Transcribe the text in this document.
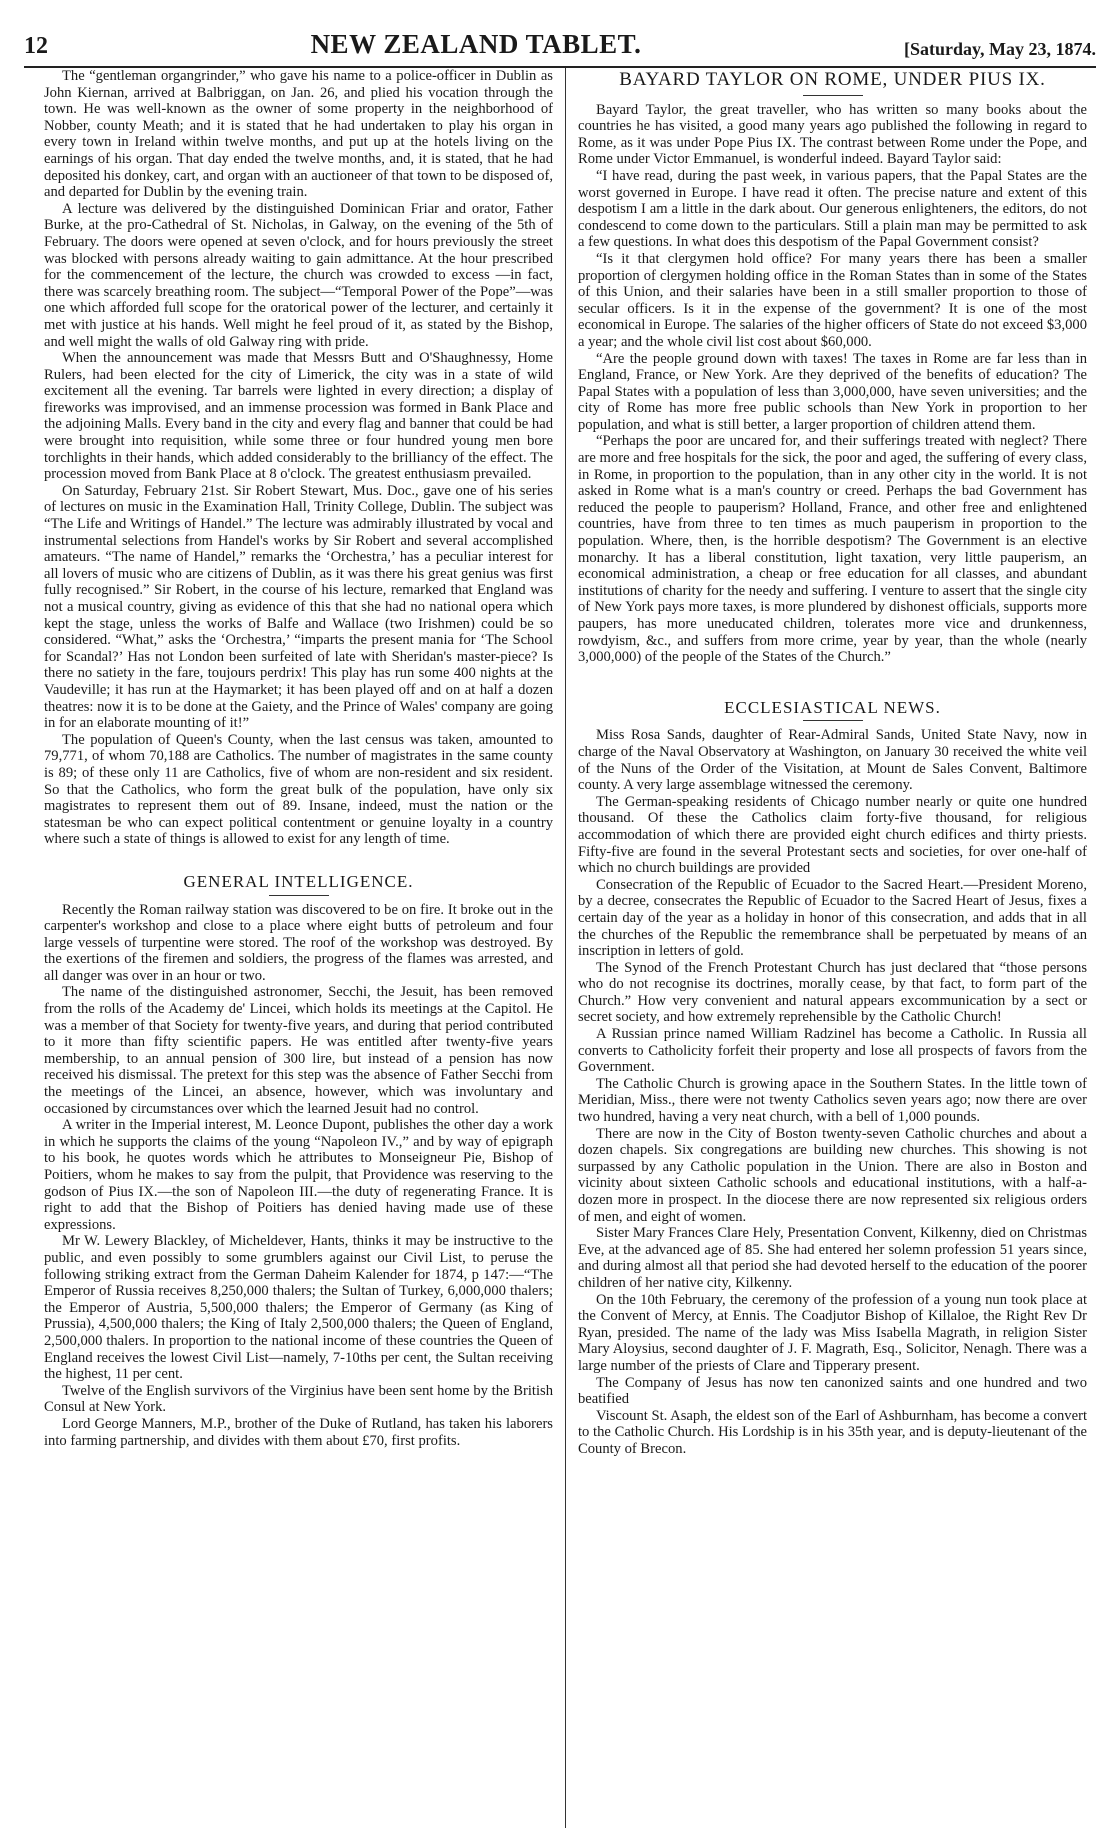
12	NEW ZEALAND TABLET.	[Saturday, May 23, 1874.

The “gentleman organgrinder,” who gave his name to a police-officer in Dublin as John Kiernan, arrived at Balbriggan, on Jan. 26, and plied his vocation through the town. He was well-known as the owner of some property in the neighborhood of Nobber, county Meath; and it is stated that he had undertaken to play his organ in every town in Ireland within twelve months, and put up at the hotels living on the earnings of his organ. That day ended the twelve months, and, it is stated, that he had deposited his donkey, cart, and organ with an auctioneer of that town to be disposed of, and departed for Dublin by the evening train.

A lecture was delivered by the distinguished Dominican Friar and orator, Father Burke, at the pro-Cathedral of St. Nicholas, in Galway, on the evening of the 5th of February. The doors were opened at seven o'clock, and for hours previously the street was blocked with persons already waiting to gain admittance. At the hour prescribed for the commencement of the lecture, the church was crowded to excess —in fact, there was scarcely breathing room. The subject—“Temporal Power of the Pope”—was one which afforded full scope for the oratorical power of the lecturer, and certainly it met with justice at his hands. Well might he feel proud of it, as stated by the Bishop, and well might the walls of old Galway ring with pride.

When the announcement was made that Messrs Butt and O'Shaughnessy, Home Rulers, had been elected for the city of Limerick, the city was in a state of wild excitement all the evening. Tar barrels were lighted in every direction; a display of fireworks was improvised, and an immense procession was formed in Bank Place and the adjoining Malls. Every band in the city and every flag and banner that could be had were brought into requisition, while some three or four hundred young men bore torchlights in their hands, which added considerably to the brilliancy of the effect. The procession moved from Bank Place at 8 o'clock. The greatest enthusiasm prevailed.

On Saturday, February 21st. Sir Robert Stewart, Mus. Doc., gave one of his series of lectures on music in the Examination Hall, Trinity College, Dublin. The subject was “The Life and Writings of Handel.” The lecture was admirably illustrated by vocal and instrumental selections from Handel's works by Sir Robert and several accomplished amateurs. “The name of Handel,” remarks the ‘Orchestra,’ has a peculiar interest for all lovers of music who are citizens of Dublin, as it was there his great genius was first fully recognised.” Sir Robert, in the course of his lecture, remarked that England was not a musical country, giving as evidence of this that she had no national opera which kept the stage, unless the works of Balfe and Wallace (two Irishmen) could be so considered. “What,” asks the ‘Orchestra,’ “imparts the present mania for ‘The School for Scandal?’ Has not London been surfeited of late with Sheridan's master-piece? Is there no satiety in the fare, toujours perdrix! This play has run some 400 nights at the Vaudeville; it has run at the Haymarket; it has been played off and on at half a dozen theatres: now it is to be done at the Gaiety, and the Prince of Wales' company are going in for an elaborate mounting of it!”

The population of Queen's County, when the last census was taken, amounted to 79,771, of whom 70,188 are Catholics. The number of magistrates in the same county is 89; of these only 11 are Catholics, five of whom are non-resident and six resident. So that the Catholics, who form the great bulk of the population, have only six magistrates to represent them out of 89. Insane, indeed, must the nation or the statesman be who can expect political contentment or genuine loyalty in a country where such a state of things is allowed to exist for any length of time.

GENERAL INTELLIGENCE.

Recently the Roman railway station was discovered to be on fire. It broke out in the carpenter's workshop and close to a place where eight butts of petroleum and four large vessels of turpentine were stored. The roof of the workshop was destroyed. By the exertions of the firemen and soldiers, the progress of the flames was arrested, and all danger was over in an hour or two.

The name of the distinguished astronomer, Secchi, the Jesuit, has been removed from the rolls of the Academy de' Lincei, which holds its meetings at the Capitol. He was a member of that Society for twenty-five years, and during that period contributed to it more than fifty scientific papers. He was entitled after twenty-five years membership, to an annual pension of 300 lire, but instead of a pension has now received his dismissal. The pretext for this step was the absence of Father Secchi from the meetings of the Lincei, an absence, however, which was involuntary and occasioned by circumstances over which the learned Jesuit had no control.

A writer in the Imperial interest, M. Leonce Dupont, publishes the other day a work in which he supports the claims of the young “Napoleon IV.,” and by way of epigraph to his book, he quotes words which he attributes to Monseigneur Pie, Bishop of Poitiers, whom he makes to say from the pulpit, that Providence was reserving to the godson of Pius IX.—the son of Napoleon III.—the duty of regenerating France. It is right to add that the Bishop of Poitiers has denied having made use of these expressions.

Mr W. Lewery Blackley, of Micheldever, Hants, thinks it may be instructive to the public, and even possibly to some grumblers against our Civil List, to peruse the following striking extract from the German Daheim Kalender for 1874, p 147:—“The Emperor of Russia receives 8,250,000 thalers; the Sultan of Turkey, 6,000,000 thalers; the Emperor of Austria, 5,500,000 thalers; the Emperor of Germany (as King of Prussia), 4,500,000 thalers; the King of Italy 2,500,000 thalers; the Queen of England, 2,500,000 thalers. In proportion to the national income of these countries the Queen of England receives the lowest Civil List—namely, 7-10ths per cent, the Sultan receiving the highest, 11 per cent.

Twelve of the English survivors of the Virginius have been sent home by the British Consul at New York.

Lord George Manners, M.P., brother of the Duke of Rutland, has taken his laborers into farming partnership, and divides with them about £70, first profits.

BAYARD TAYLOR ON ROME, UNDER PIUS IX.

Bayard Taylor, the great traveller, who has written so many books about the countries he has visited, a good many years ago published the following in regard to Rome, as it was under Pope Pius IX. The contrast between Rome under the Pope, and Rome under Victor Emmanuel, is wonderful indeed. Bayard Taylor said:

“I have read, during the past week, in various papers, that the Papal States are the worst governed in Europe. I have read it often. The precise nature and extent of this despotism I am a little in the dark about. Our generous enlighteners, the editors, do not condescend to come down to the particulars. Still a plain man may be permitted to ask a few questions. In what does this despotism of the Papal Government consist?

“Is it that clergymen hold office? For many years there has been a smaller proportion of clergymen holding office in the Roman States than in some of the States of this Union, and their salaries have been in a still smaller proportion to those of secular officers. Is it in the expense of the government? It is one of the most economical in Europe. The salaries of the higher officers of State do not exceed $3,000 a year; and the whole civil list cost about $60,000.

“Are the people ground down with taxes! The taxes in Rome are far less than in England, France, or New York. Are they deprived of the benefits of education? The Papal States with a population of less than 3,000,000, have seven universities; and the city of Rome has more free public schools than New York in proportion to her population, and what is still better, a larger proportion of children attend them.

“Perhaps the poor are uncared for, and their sufferings treated with neglect? There are more and free hospitals for the sick, the poor and aged, the suffering of every class, in Rome, in proportion to the population, than in any other city in the world. It is not asked in Rome what is a man's country or creed. Perhaps the bad Government has reduced the people to pauperism? Holland, France, and other free and enlightened countries, have from three to ten times as much pauperism in proportion to the population. Where, then, is the horrible despotism? The Government is an elective monarchy. It has a liberal constitution, light taxation, very little pauperism, an economical administration, a cheap or free education for all classes, and abundant institutions of charity for the needy and suffering. I venture to assert that the single city of New York pays more taxes, is more plundered by dishonest officials, supports more paupers, has more uneducated children, tolerates more vice and drunkenness, rowdyism, &c., and suffers from more crime, year by year, than the whole (nearly 3,000,000) of the people of the States of the Church.”

ECCLESIASTICAL NEWS.

Miss Rosa Sands, daughter of Rear-Admiral Sands, United State Navy, now in charge of the Naval Observatory at Washington, on January 30 received the white veil of the Nuns of the Order of the Visitation, at Mount de Sales Convent, Baltimore county. A very large assemblage witnessed the ceremony.

The German-speaking residents of Chicago number nearly or quite one hundred thousand. Of these the Catholics claim forty-five thousand, for religious accommodation of which there are provided eight church edifices and thirty priests. Fifty-five are found in the several Protestant sects and societies, for over one-half of which no church buildings are provided

Consecration of the Republic of Ecuador to the Sacred Heart.—President Moreno, by a decree, consecrates the Republic of Ecuador to the Sacred Heart of Jesus, fixes a certain day of the year as a holiday in honor of this consecration, and adds that in all the churches of the Republic the remembrance shall be perpetuated by means of an inscription in letters of gold.

The Synod of the French Protestant Church has just declared that “those persons who do not recognise its doctrines, morally cease, by that fact, to form part of the Church.” How very convenient and natural appears excommunication by a sect or secret society, and how extremely reprehensible by the Catholic Church!

A Russian prince named William Radzinel has become a Catholic. In Russia all converts to Catholicity forfeit their property and lose all prospects of favors from the Government.

The Catholic Church is growing apace in the Southern States. In the little town of Meridian, Miss., there were not twenty Catholics seven years ago; now there are over two hundred, having a very neat church, with a bell of 1,000 pounds.

There are now in the City of Boston twenty-seven Catholic churches and about a dozen chapels. Six congregations are building new churches. This showing is not surpassed by any Catholic population in the Union. There are also in Boston and vicinity about sixteen Catholic schools and educational institutions, with a half-a-dozen more in prospect. In the diocese there are now represented six religious orders of men, and eight of women.

Sister Mary Frances Clare Hely, Presentation Convent, Kilkenny, died on Christmas Eve, at the advanced age of 85. She had entered her solemn profession 51 years since, and during almost all that period she had devoted herself to the education of the poorer children of her native city, Kilkenny.

On the 10th February, the ceremony of the profession of a young nun took place at the Convent of Mercy, at Ennis. The Coadjutor Bishop of Killaloe, the Right Rev Dr Ryan, presided. The name of the lady was Miss Isabella Magrath, in religion Sister Mary Aloysius, second daughter of J. F. Magrath, Esq., Solicitor, Nenagh. There was a large number of the priests of Clare and Tipperary present.

The Company of Jesus has now ten canonized saints and one hundred and two beatified

Viscount St. Asaph, the eldest son of the Earl of Ashburnham, has become a convert to the Catholic Church. His Lordship is in his 35th year, and is deputy-lieutenant of the County of Brecon.
